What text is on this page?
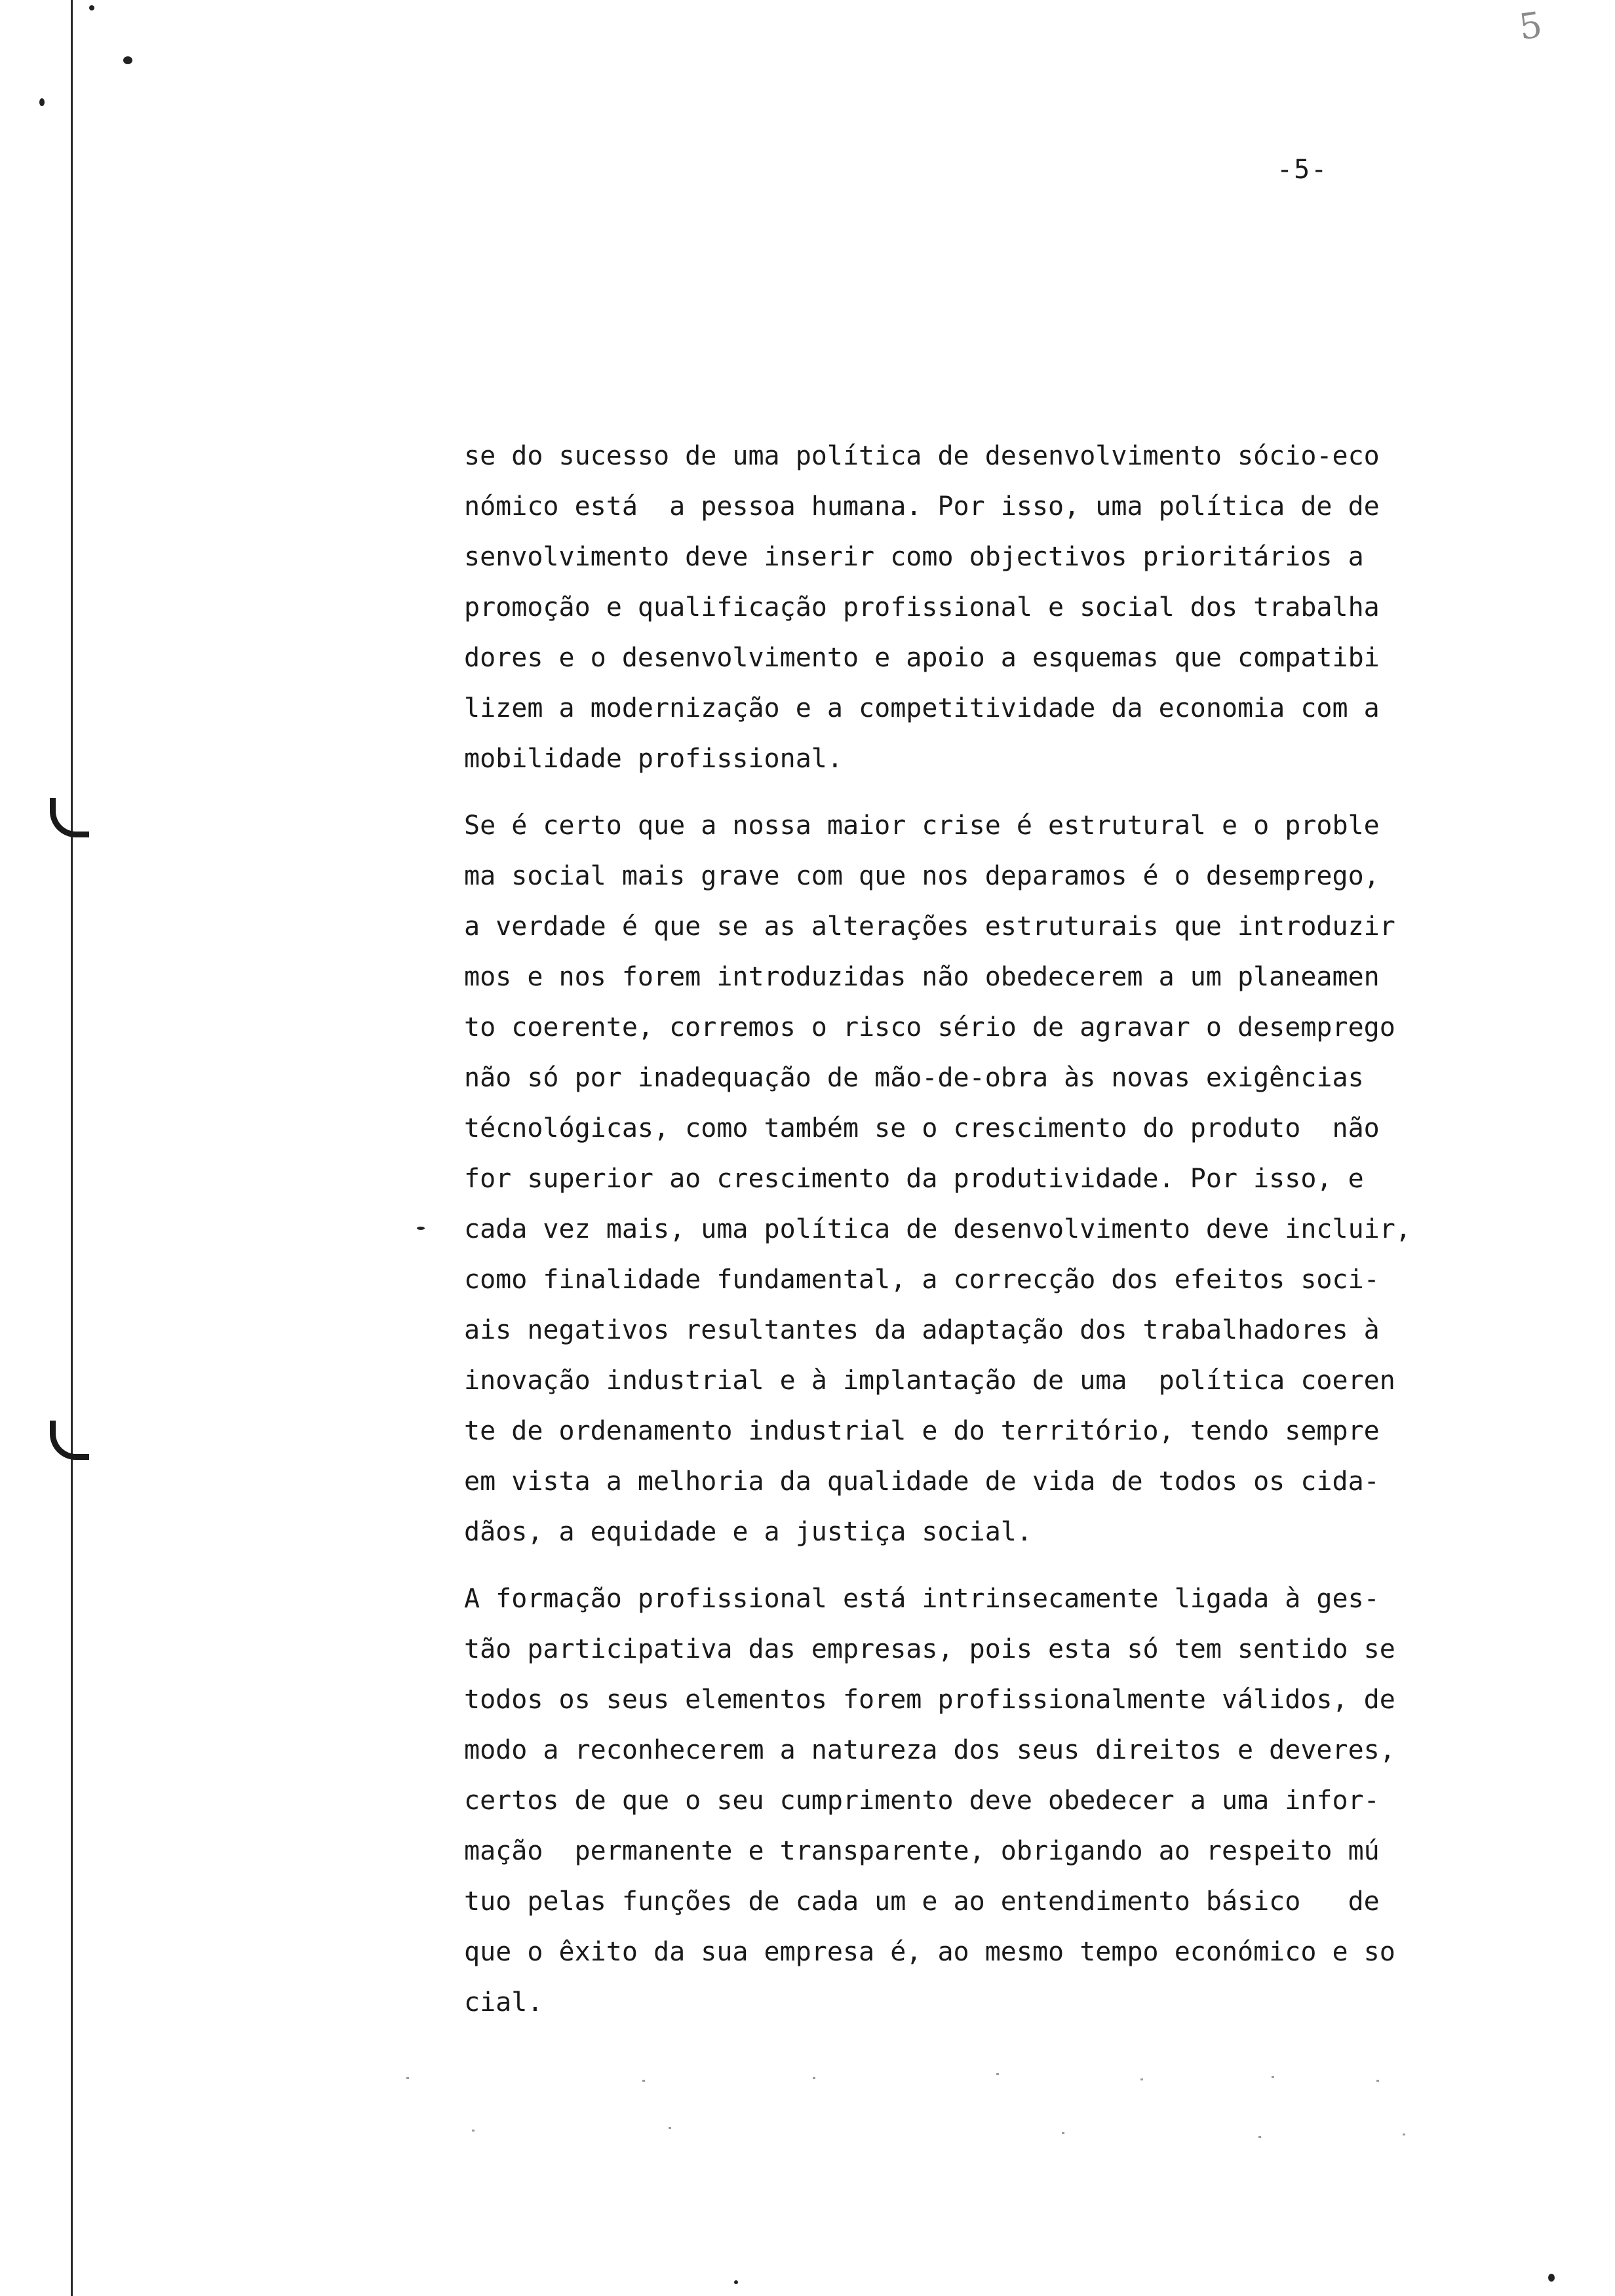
5
-5-
se do sucesso de uma política de desenvolvimento sócio-eco
nómico está  a pessoa humana. Por isso, uma política de de
senvolvimento deve inserir como objectivos prioritários a
promoção e qualificação profissional e social dos trabalha
dores e o desenvolvimento e apoio a esquemas que compatibi
lizem a modernização e a competitividade da economia com a
mobilidade profissional.
Se é certo que a nossa maior crise é estrutural e o proble
ma social mais grave com que nos deparamos é o desemprego,
a verdade é que se as alterações estruturais que introduzir
mos e nos forem introduzidas não obedecerem a um planeamen
to coerente, corremos o risco sério de agravar o desemprego
não só por inadequação de mão-de-obra às novas exigências
técnológicas, como também se o crescimento do produto  não
for superior ao crescimento da produtividade. Por isso, e
cada vez mais, uma política de desenvolvimento deve incluir,
como finalidade fundamental, a correcção dos efeitos soci-
ais negativos resultantes da adaptação dos trabalhadores à
inovação industrial e à implantação de uma  política coeren
te de ordenamento industrial e do território, tendo sempre
em vista a melhoria da qualidade de vida de todos os cida-
dãos, a equidade e a justiça social.
A formação profissional está intrinsecamente ligada à ges-
tão participativa das empresas, pois esta só tem sentido se
todos os seus elementos forem profissionalmente válidos, de
modo a reconhecerem a natureza dos seus direitos e deveres,
certos de que o seu cumprimento deve obedecer a uma infor-
mação  permanente e transparente, obrigando ao respeito mú
tuo pelas funções de cada um e ao entendimento básico   de
que o êxito da sua empresa é, ao mesmo tempo económico e so
cial.
